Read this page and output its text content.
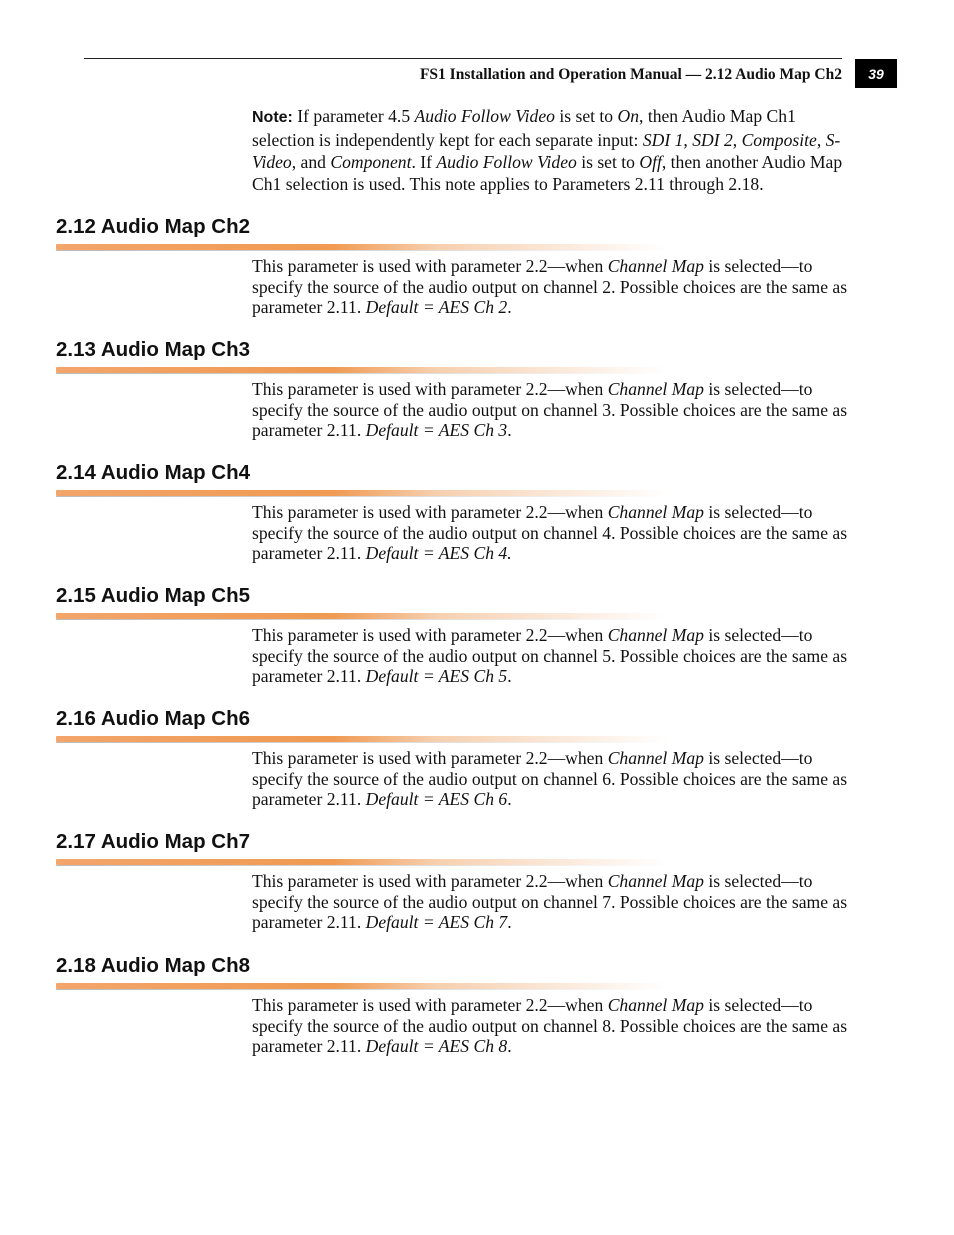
FS1 Installation and Operation Manual — 2.12 Audio Map Ch2	39

Note: If parameter 4.5 Audio Follow Video is set to On, then Audio Map Ch1 selection is independently kept for each separate input: SDI 1, SDI 2, Composite, S-Video, and Component. If Audio Follow Video is set to Off, then another Audio Map Ch1 selection is used. This note applies to Parameters 2.11 through 2.18.

2.12 Audio Map Ch2

This parameter is used with parameter 2.2—when Channel Map is selected—to specify the source of the audio output on channel 2. Possible choices are the same as parameter 2.11. Default = AES Ch 2.

2.13 Audio Map Ch3

This parameter is used with parameter 2.2—when Channel Map is selected—to specify the source of the audio output on channel 3. Possible choices are the same as parameter 2.11. Default = AES Ch 3.

2.14 Audio Map Ch4

This parameter is used with parameter 2.2—when Channel Map is selected—to specify the source of the audio output on channel 4. Possible choices are the same as parameter 2.11. Default = AES Ch 4.

2.15 Audio Map Ch5

This parameter is used with parameter 2.2—when Channel Map is selected—to specify the source of the audio output on channel 5. Possible choices are the same as parameter 2.11. Default = AES Ch 5.

2.16 Audio Map Ch6

This parameter is used with parameter 2.2—when Channel Map is selected—to specify the source of the audio output on channel 6. Possible choices are the same as parameter 2.11. Default = AES Ch 6.

2.17 Audio Map Ch7

This parameter is used with parameter 2.2—when Channel Map is selected—to specify the source of the audio output on channel 7. Possible choices are the same as parameter 2.11. Default = AES Ch 7.

2.18 Audio Map Ch8

This parameter is used with parameter 2.2—when Channel Map is selected—to specify the source of the audio output on channel 8. Possible choices are the same as parameter 2.11. Default = AES Ch 8.
